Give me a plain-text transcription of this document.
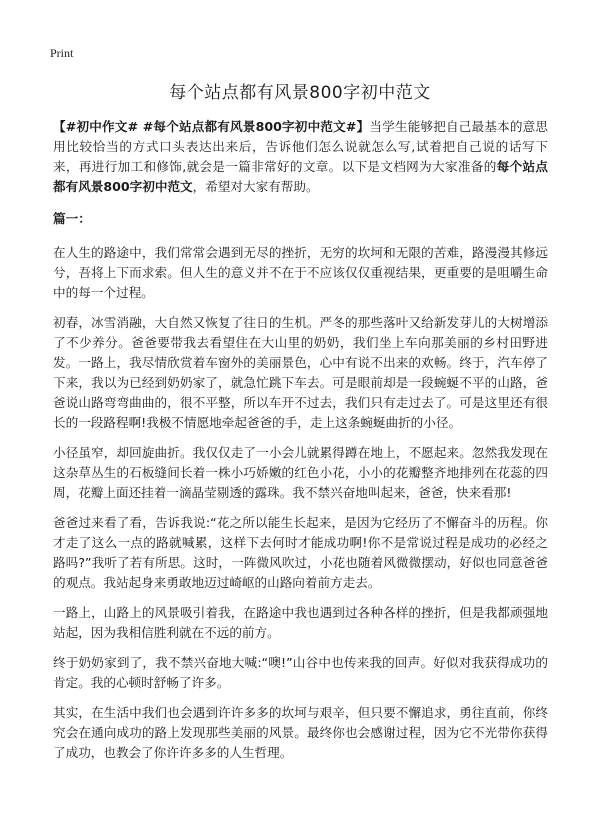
Print
每个站点都有风景800字初中范文

【#初中作文# #每个站点都有风景800字初中范文#】当学生能够把自己最基本的意思用比较恰当的方式口头表达出来后，告诉他们怎么说就怎么写,试着把自己说的话写下来，再进行加工和修饰,就会是一篇非常好的文章。以下是文档网为大家准备的每个站点都有风景800字初中范文，希望对大家有帮助。

篇一：

在人生的路途中，我们常常会遇到无尽的挫折，无穷的坎坷和无限的苦难，路漫漫其修远兮，吾将上下而求索。但人生的意义并不在于不应该仅仅重视结果，更重要的是咀嚼生命中的每一个过程。

初春，冰雪消融，大自然又恢复了往日的生机。严冬的那些落叶又给新发芽儿的大树增添了不少养分。爸爸要带我去看望住在大山里的奶奶，我们坐上车向那美丽的乡村田野进发。一路上，我尽情欣赏着车窗外的美丽景色，心中有说不出来的欢畅。终于，汽车停了下来，我以为已经到奶奶家了，就急忙跳下车去。可是眼前却是一段蜿蜒不平的山路，爸爸说山路弯弯曲曲的，很不平整，所以车开不过去，我们只有走过去了。可是这里还有很长的一段路程啊!我极不情愿地牵起爸爸的手，走上这条蜿蜒曲折的小径。

小径虽窄，却回旋曲折。我仅仅走了一小会儿就累得蹲在地上，不愿起来。忽然我发现在这杂草丛生的石板缝间长着一株小巧娇嫩的红色小花，小小的花瓣整齐地排列在花蕊的四周，花瓣上面还挂着一滴晶莹剔透的露珠。我不禁兴奋地叫起来，爸爸，快来看那!

爸爸过来看了看，告诉我说:“花之所以能生长起来，是因为它经历了不懈奋斗的历程。你才走了这么一点的路就喊累，这样下去何时才能成功啊!你不是常说过程是成功的必经之路吗?”我听了若有所思。这时，一阵微风吹过，小花也随着风微微摆动，好似也同意爸爸的观点。我站起身来勇敢地迈过崎岖的山路向着前方走去。

一路上，山路上的风景吸引着我，在路途中我也遇到过各种各样的挫折，但是我都顽强地站起，因为我相信胜利就在不远的前方。

终于奶奶家到了，我不禁兴奋地大喊:“噢!”山谷中也传来我的回声。好似对我获得成功的肯定。我的心顿时舒畅了许多。

其实，在生活中我们也会遇到许许多多的坎坷与艰辛，但只要不懈追求，勇往直前，你终究会在通向成功的路上发现那些美丽的风景。最终你也会感谢过程，因为它不光带你获得了成功，也教会了你许许多多的人生哲理。
